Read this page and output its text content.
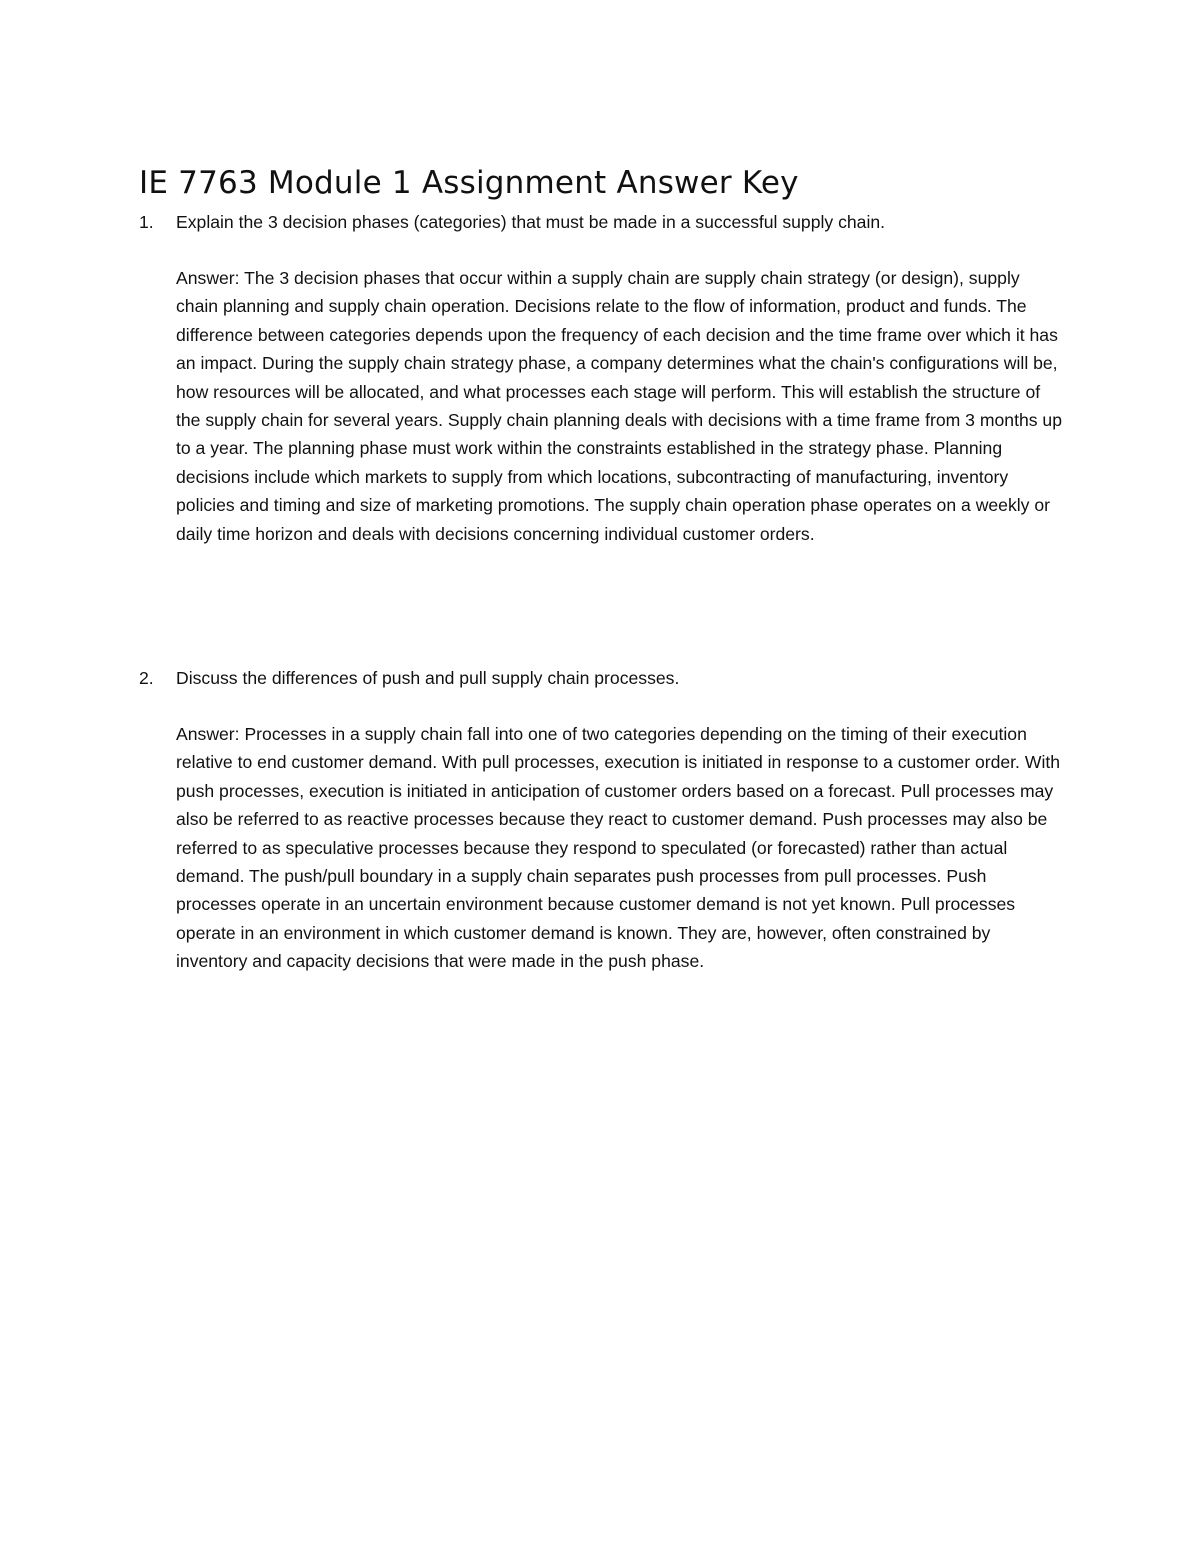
IE 7763 Module 1 Assignment Answer Key
1. Explain the 3 decision phases (categories) that must be made in a successful supply chain.

Answer: The 3 decision phases that occur within a supply chain are supply chain strategy (or design), supply chain planning and supply chain operation. Decisions relate to the flow of information, product and funds. The difference between categories depends upon the frequency of each decision and the time frame over which it has an impact. During the supply chain strategy phase, a company determines what the chain's configurations will be, how resources will be allocated, and what processes each stage will perform. This will establish the structure of the supply chain for several years. Supply chain planning deals with decisions with a time frame from 3 months up to a year. The planning phase must work within the constraints established in the strategy phase. Planning decisions include which markets to supply from which locations, subcontracting of manufacturing, inventory policies and timing and size of marketing promotions. The supply chain operation phase operates on a weekly or daily time horizon and deals with decisions concerning individual customer orders.

2. Discuss the differences of push and pull supply chain processes.

Answer: Processes in a supply chain fall into one of two categories depending on the timing of their execution relative to end customer demand. With pull processes, execution is initiated in response to a customer order. With push processes, execution is initiated in anticipation of customer orders based on a forecast. Pull processes may also be referred to as reactive processes because they react to customer demand. Push processes may also be referred to as speculative processes because they respond to speculated (or forecasted) rather than actual demand. The push/pull boundary in a supply chain separates push processes from pull processes. Push processes operate in an uncertain environment because customer demand is not yet known. Pull processes operate in an environment in which customer demand is known. They are, however, often constrained by inventory and capacity decisions that were made in the push phase.
